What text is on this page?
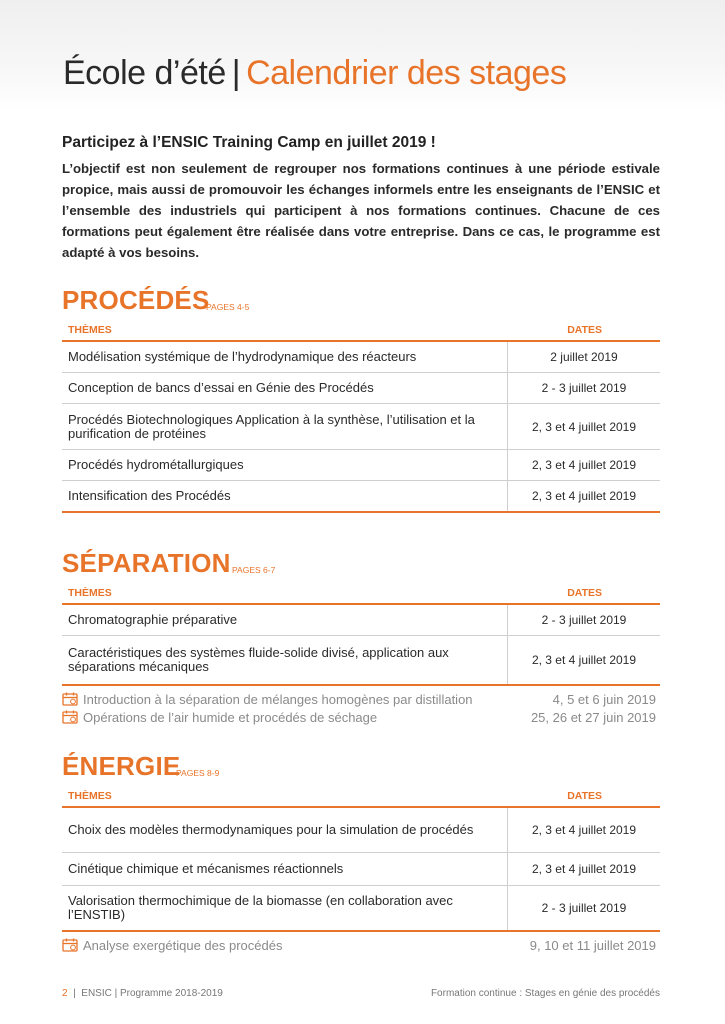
École d’été | Calendrier des stages
Participez à l’ENSIC Training Camp en juillet 2019 !

L’objectif est non seulement de regrouper nos formations continues à une période estivale propice, mais aussi de promouvoir les échanges informels entre les enseignants de l’ENSIC et l’ensemble des industriels qui participent à nos formations continues. Chacune de ces formations peut également être réalisée dans votre entreprise. Dans ce cas, le programme est adapté à vos besoins.

PROCÉDÉS
PAGES 4-5
THÈMES	DATES
Modélisation systémique de l’hydrodynamique des réacteurs	2 juillet 2019
Conception de bancs d’essai en Génie des Procédés	2 - 3 juillet 2019
Procédés Biotechnologiques Application à la synthèse, l’utilisation et la purification de protéines	2, 3 et 4 juillet 2019
Procédés hydrométallurgiques	2, 3 et 4 juillet 2019
Intensification des Procédés	2, 3 et 4 juillet 2019
SÉPARATION PAGES 6-7
THÈMES	DATES
Chromatographie préparative	2 - 3 juillet 2019
Caractéristiques des systèmes fluide-solide divisé, application aux séparations mécaniques	2, 3 et 4 juillet 2019
Introduction à la séparation de mélanges homogènes par distillation	4, 5 et 6 juin 2019
Opérations de l’air humide et procédés de séchage	25, 26 et 27 juin 2019
ÉNERGIE
PAGES 8-9
THÈMES	DATES
Choix des modèles thermodynamiques pour la simulation de procédés	2, 3 et 4 juillet 2019
Cinétique chimique et mécanismes réactionnels	2, 3 et 4 juillet 2019
Valorisation thermochimique de la biomasse (en collaboration avec l’ENSTIB)	2 - 3 juillet 2019
Analyse exergétique des procédés	9, 10 et 11 juillet 2019
2  |  ENSIC | Programme 2018-2019	Formation continue : Stages en génie des procédés
